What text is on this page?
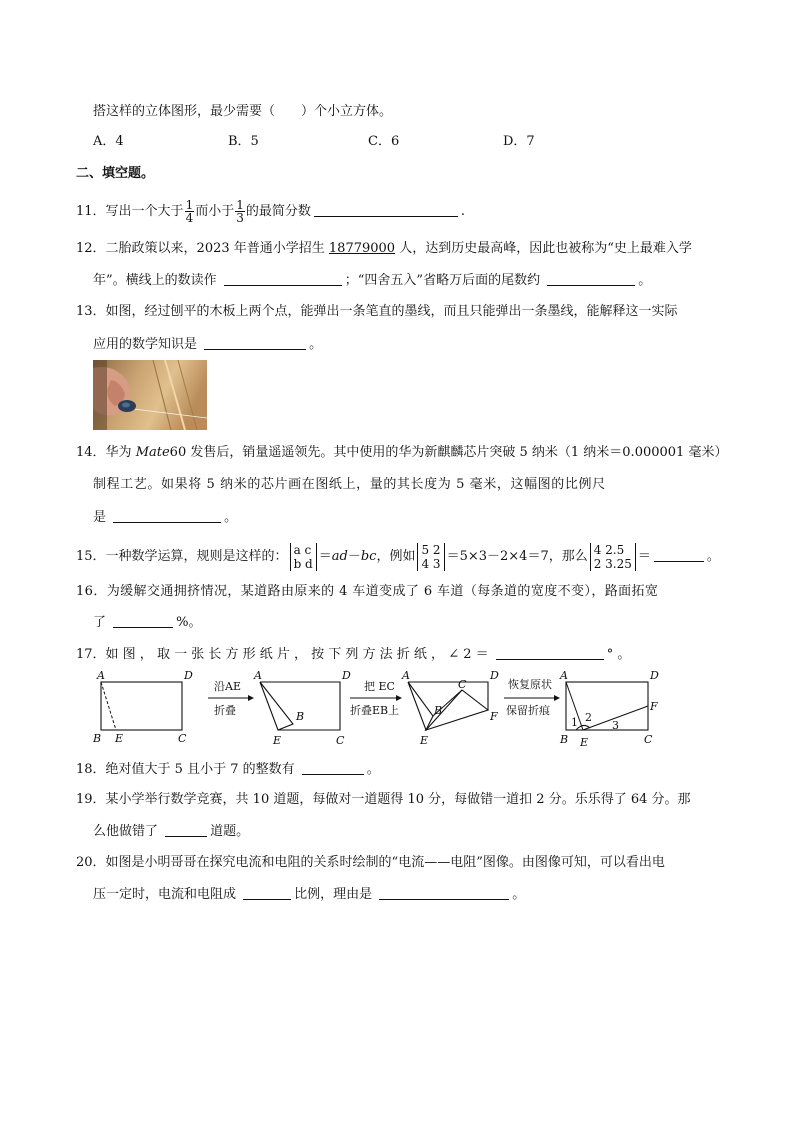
搭这样的立体图形，最少需要（　　）个小立方体。
A．4	B．5	C．6	D．7
二、填空题。
11．写出一个大于 $\frac{1}{4}$ 而小于 $\frac{1}{3}$ 的最简分数	.
12．二胎政策以来，2023 年普通小学招生 18779000 人，达到历史最高峰，因此也被称为“史上最难入学
年”。横线上的数读作	；“四舍五入”省略万后面的尾数约	。
13．如图，经过刨平的木板上两个点，能弹出一条笔直的墨线，而且只能弹出一条墨线，能解释这一实际
应用的数学知识是	。
14．华为 Mate60 发售后，销量遥遥领先。其中使用的华为新麒麟芯片突破 5 纳米（1 纳米＝0.000001 毫米）
制程工艺。如果将 5 纳米的芯片画在图纸上，量的其长度为 5 毫米，这幅图的比例尺
是	。
15．一种数学运算，规则是这样的： a c
b d ＝ad－bc，例如 5 2
4 3 ＝5×3－2×4＝7，那么 4 2.5
2 3.25 ＝	。
16．为缓解交通拥挤情况，某道路由原来的 4 车道变成了 6 车道（每条道的宽度不变），路面拓宽
了	%。
17．如 图 ， 取 一 张 长 方 形 纸 片 ， 按 下 列 方 法 折 纸 ， ∠ 2 ＝	° 。
A	D
B E	C
沿AE
折叠
A	D
B
E	C
把 EC
折叠EB上
A	D
C
B	F
E
恢复原状
保留折痕
A	D
F
1 2
3
B E	C
18．绝对值大于 5 且小于 7 的整数有	。
19．某小学举行数学竞赛，共 10 道题，每做对一道题得 10 分，每做错一道扣 2 分。乐乐得了 64 分。那
么他做错了	道题。
20．如图是小明哥哥在探究电流和电阻的关系时绘制的“电流——电阻”图像。由图像可知，可以看出电
压一定时，电流和电阻成	比例，理由是	。
